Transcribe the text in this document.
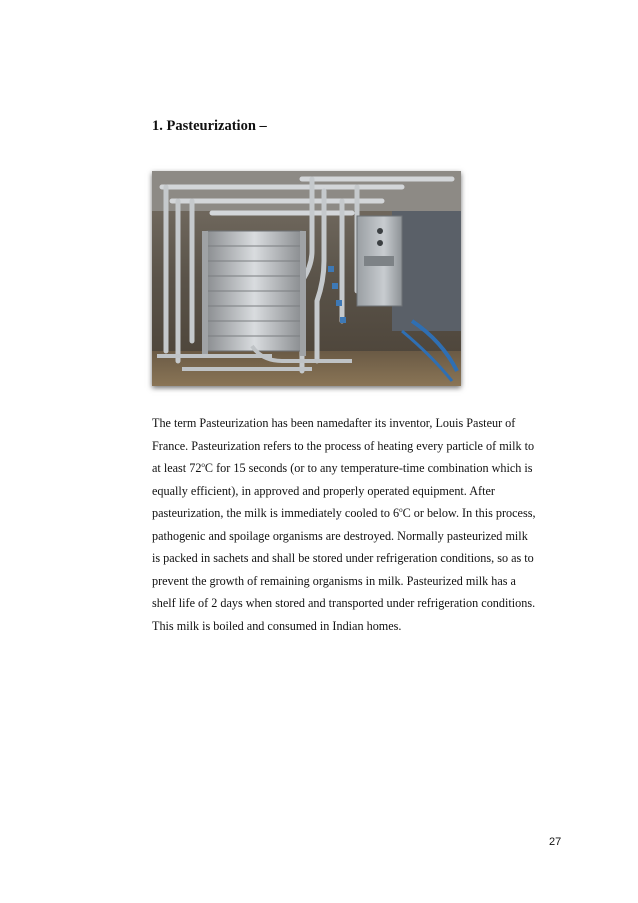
1. Pasteurization –

The term Pasteurization has been namedafter its inventor, Louis Pasteur of
France. Pasteurization refers to the process of heating every particle of milk to
at least 72$^o$C for 15 seconds (or to any temperature-time combination which is
equally efficient), in approved and properly operated equipment. After
pasteurization, the milk is immediately cooled to 6$^o$C or below. In this process,
pathogenic and spoilage organisms are destroyed. Normally pasteurized milk
is packed in sachets and shall be stored under refrigeration conditions, so as to
prevent the growth of remaining organisms in milk. Pasteurized milk has a
shelf life of 2 days when stored and transported under refrigeration conditions.
This milk is boiled and consumed in Indian homes.

27
